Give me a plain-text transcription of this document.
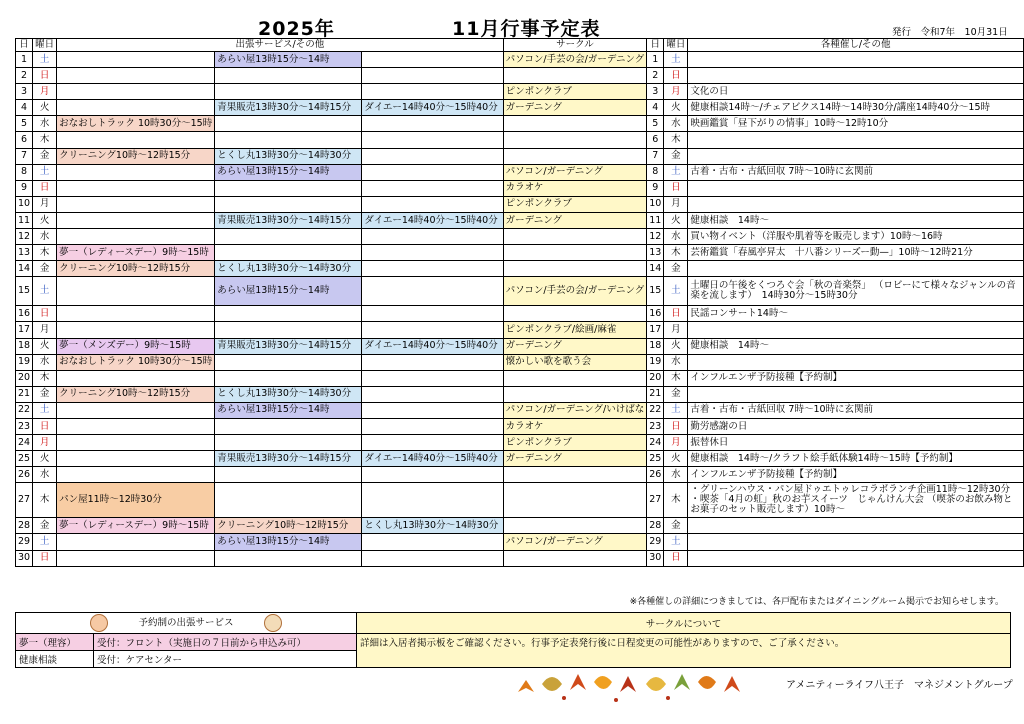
2025年	11月行事予定表	発行　令和7年　10月31日
日	曜日	出張サービス/その他			サークル	日	曜日	各種催し/その他
1	土		あらい屋13時15分～14時		パソコン/手芸の会/ガーデニング	1	土	
2	日					2	日	
3	月				ピンポンクラブ	3	月	文化の日
4	火		青果販売13時30分～14時15分	ダイエー14時40分～15時40分	ガーデニング	4	火	健康相談14時～/チェアビクス14時～14時30分/講座14時40分～15時
5	水	おなおしトラック 10時30分～15時				5	水	映画鑑賞「昼下がりの情事」10時～12時10分
6	木					6	木	
7	金	クリーニング10時～12時15分	とくし丸13時30分～14時30分			7	金	
8	土		あらい屋13時15分～14時		パソコン/ガーデニング	8	土	古着・古布・古紙回収 7時～10時に玄関前
9	日				カラオケ	9	日	
10	月				ピンポンクラブ	10	月	
11	火		青果販売13時30分～14時15分	ダイエー14時40分～15時40分	ガーデニング	11	火	健康相談　14時～
12	水					12	水	買い物イベント（洋服や肌着等を販売します）10時～16時
13	木	夢一（レディースデー）9時～15時				13	木	芸術鑑賞「春風亭昇太　十八番シリーズー動—」10時～12時21分
14	金	クリーニング10時～12時15分	とくし丸13時30分～14時30分			14	金	
15	土		あらい屋13時15分～14時		パソコン/手芸の会/ガーデニング	15	土	土曜日の午後をくつろぐ会「秋の音楽祭」 （ロビーにて様々なジャンルの音楽を流します）　14時30分～15時30分
16	日					16	日	民謡コンサート14時～
17	月				ピンポンクラブ/絵画/麻雀	17	月	
18	火	夢一（メンズデー）9時～15時	青果販売13時30分～14時15分	ダイエー14時40分～15時40分	ガーデニング	18	火	健康相談　14時～
19	水	おなおしトラック 10時30分～15時			懐かしい歌を歌う会	19	水	
20	木					20	木	インフルエンザ予防接種【予約制】
21	金	クリーニング10時～12時15分	とくし丸13時30分～14時30分			21	金	
22	土		あらい屋13時15分～14時		パソコン/ガーデニング/いけばな	22	土	古着・古布・古紙回収 7時～10時に玄関前
23	日				カラオケ	23	日	勤労感謝の日
24	月				ピンポンクラブ	24	月	振替休日
25	火		青果販売13時30分～14時15分	ダイエー14時40分～15時40分	ガーデニング	25	火	健康相談　14時～/クラフト絵手紙体験14時～15時【予約制】
26	水					26	水	インフルエンザ予防接種【予約制】
27	木	パン屋11時～12時30分				27	木	・グリーンハウス・パン屋ドゥエトゥレコラボランチ企画11時～12時30分 ・喫茶「4月の虹」秋のお芋スイーツ　じゃんけん大会 （喫茶のお飲み物とお菓子のセット販売します）10時～
28	金	夢一（レディースデー）9時～15時	クリーニング10時～12時15分	とくし丸13時30分～14時30分		28	金	
29	土		あらい屋13時15分～14時		パソコン/ガーデニング	29	土	
30	日					30	日	
※各種催しの詳細につきましては、各戸配布またはダイニングルーム掲示でお知らせします。
予約制の出張サービス		サークルについて
夢一（理容）	受付：フロント（実施日の７日前から申込み可）	詳細は入居者掲示板をご確認ください。行事予定表発行後に日程変更の可能性がありますので、ご了承ください。
健康相談	受付：ケアセンター	
アメニティーライフ八王子　マネジメントグループ
